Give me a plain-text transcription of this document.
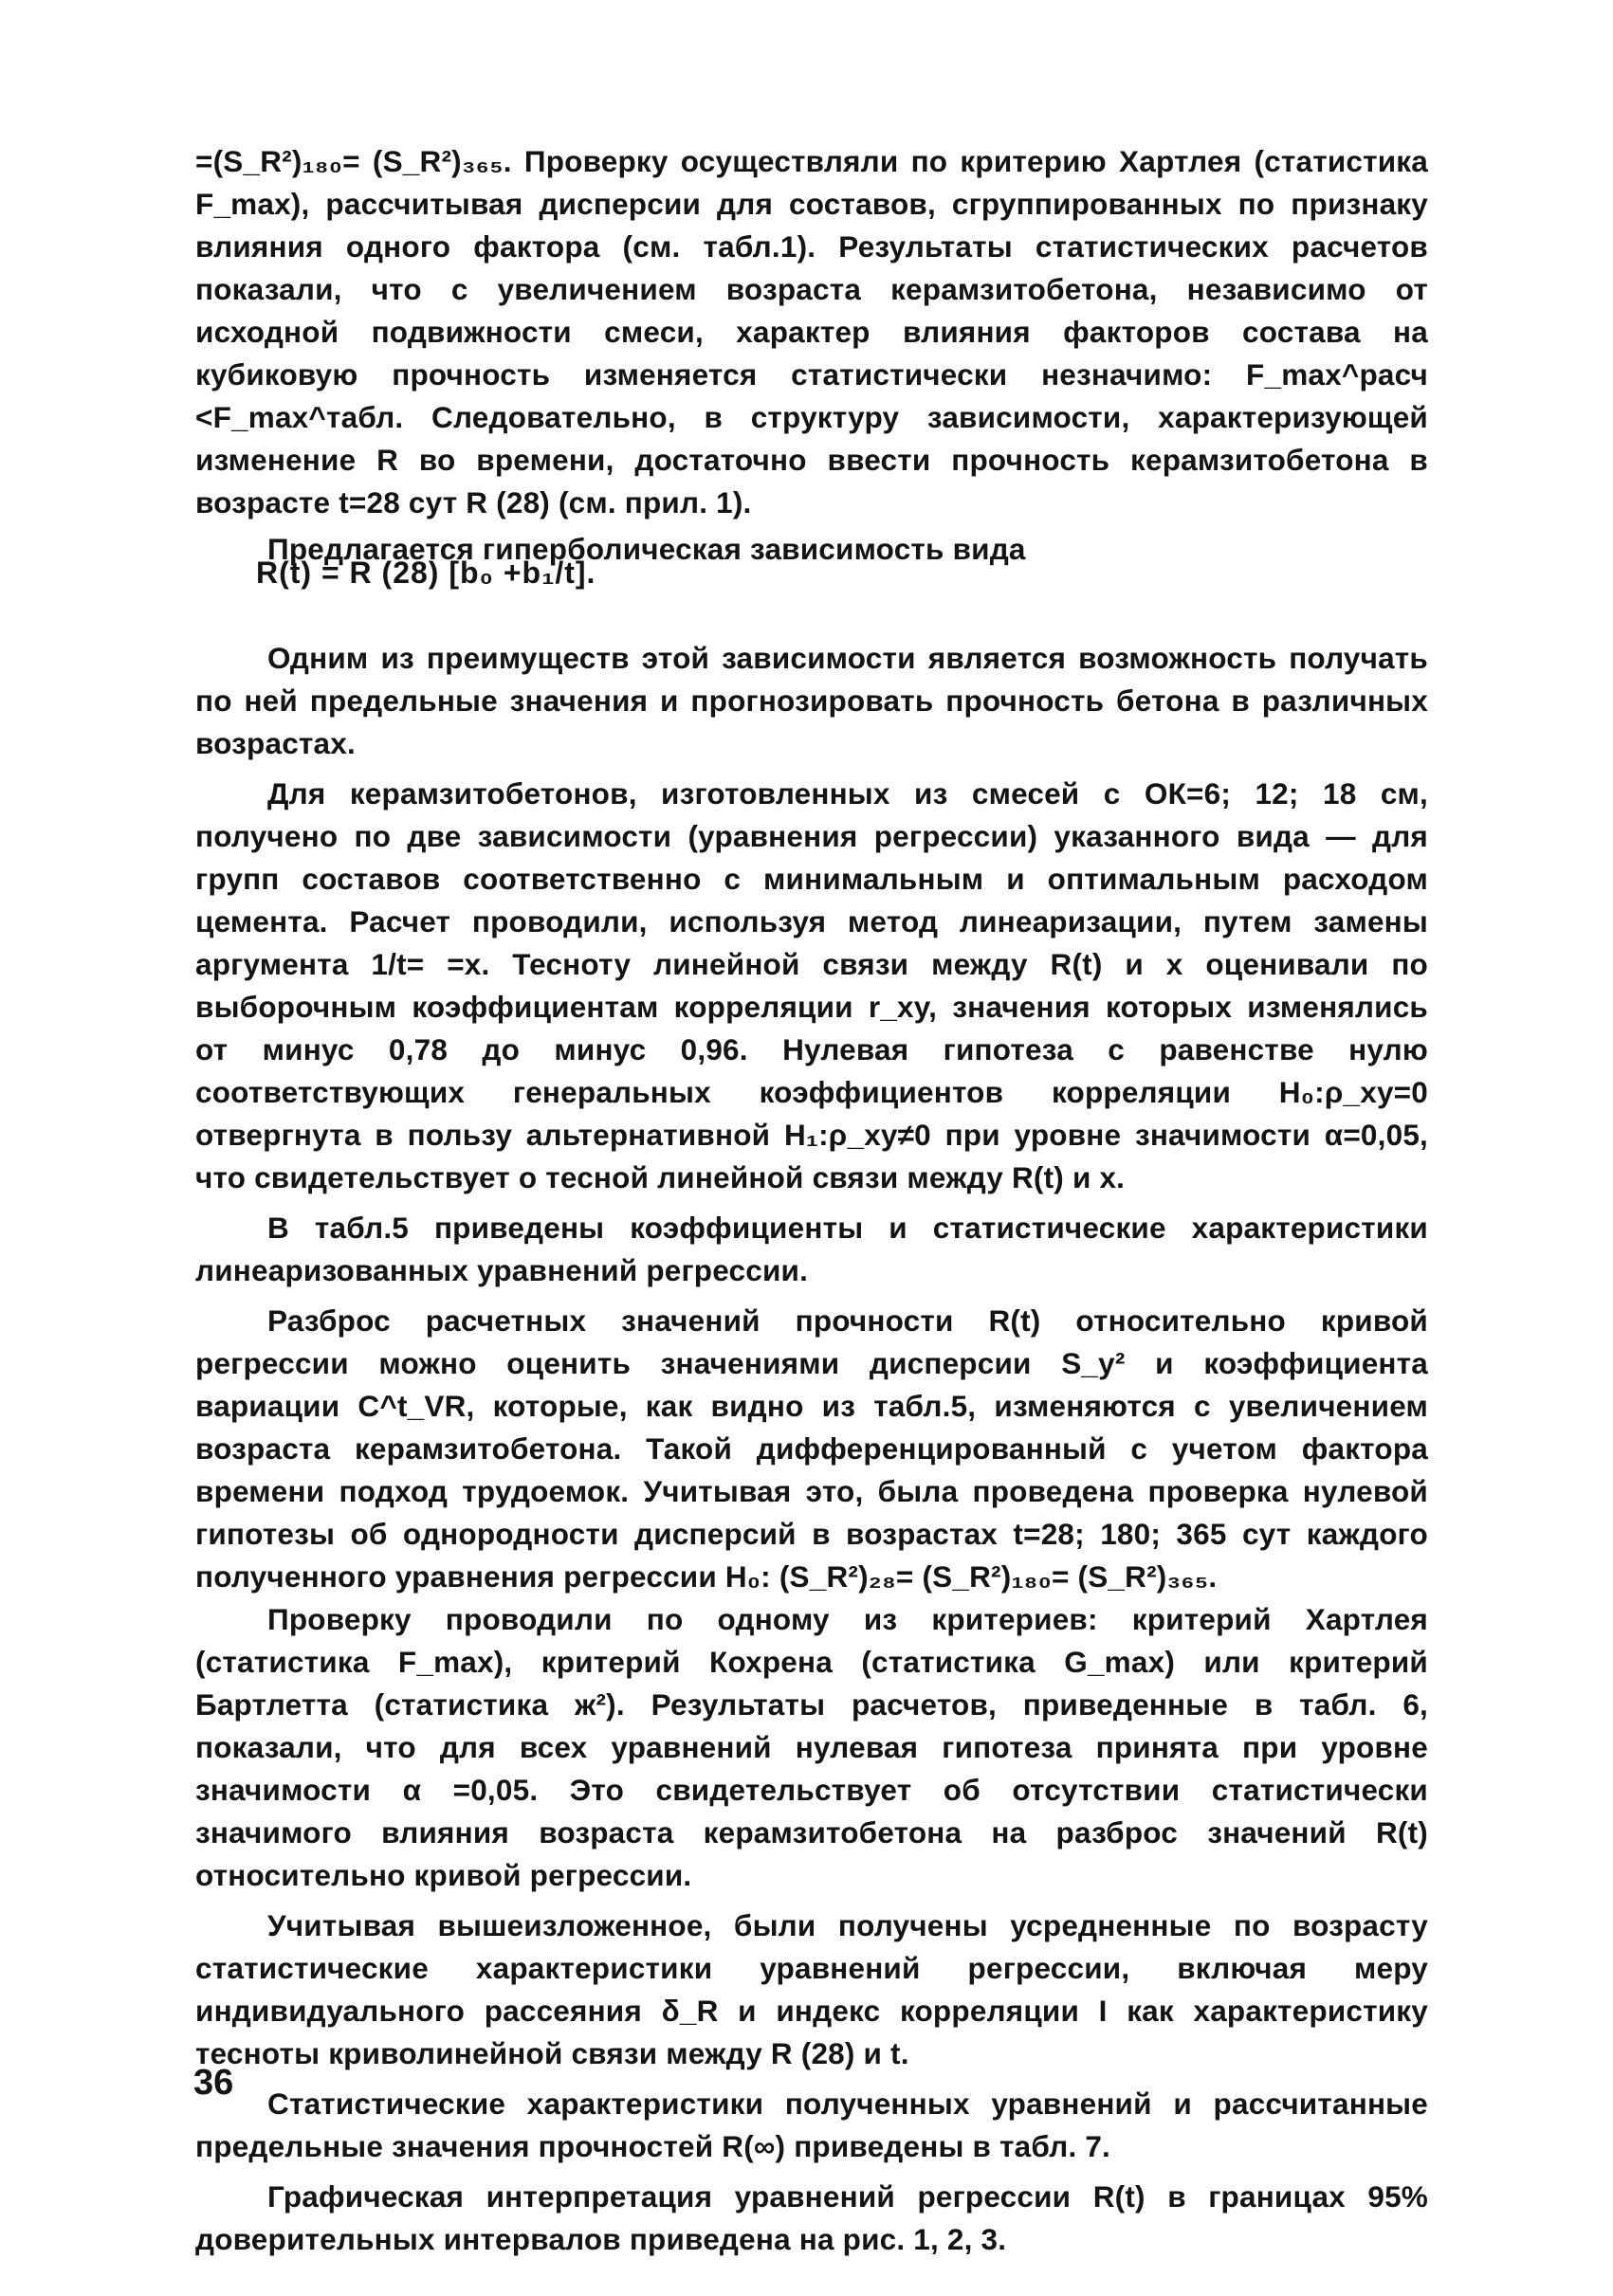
=(S_R²)₁₈₀= (S_R²)₃₆₅. Проверку осуществляли по критерию Хартлея (статистика F_max), рассчитывая дисперсии для составов, сгруппированных по признаку влияния одного фактора (см. табл.1). Результаты статистических расчетов показали, что с увеличением возраста керамзитобетона, независимо от исходной подвижности смеси, характер влияния факторов состава на кубиковую прочность изменяется статистически незначимо: F_max^расч <F_max^табл. Следовательно, в структуру зависимости, характеризующей изменение R во времени, достаточно ввести прочность керамзитобетона в возрасте t=28 сут R (28) (см. прил. 1).

Предлагается гиперболическая зависимость вида

R(t) = R (28) [b₀ +b₁/t].

Одним из преимуществ этой зависимости является возможность получать по ней предельные значения и прогнозировать прочность бетона в различных возрастах.

Для керамзитобетонов, изготовленных из смесей с ОК=6; 12; 18 см, получено по две зависимости (уравнения регрессии) указанного вида — для групп составов соответственно с минимальным и оптимальным расходом цемента. Расчет проводили, используя метод линеаризации, путем замены аргумента 1/t= =x. Тесноту линейной связи между R(t) и x оценивали по выборочным коэффициентам корреляции r_xy, значения которых изменялись от минус 0,78 до минус 0,96. Нулевая гипотеза с равенстве нулю соответствующих генеральных коэффициентов корреляции H₀:ρ_xy=0 отвергнута в пользу альтернативной H₁:ρ_xy≠0 при уровне значимости α=0,05, что свидетельствует о тесной линейной связи между R(t) и x.

В табл.5 приведены коэффициенты и статистические характеристики линеаризованных уравнений регрессии.

Разброс расчетных значений прочности R(t) относительно кривой регрессии можно оценить значениями дисперсии S_y² и коэффициента вариации C^t_VR, которые, как видно из табл.5, изменяются с увеличением возраста керамзитобетона. Такой дифференцированный с учетом фактора времени подход трудоемок. Учитывая это, была проведена проверка нулевой гипотезы об однородности дисперсий в возрастах t=28; 180; 365 сут каждого полученного уравнения регрессии H₀: (S_R²)₂₈= (S_R²)₁₈₀= (S_R²)₃₆₅.

Проверку проводили по одному из критериев: критерий Хартлея (статистика F_max), критерий Кохрена (статистика G_max) или критерий Бартлетта (статистика ж²). Результаты расчетов, приведенные в табл. 6, показали, что для всех уравнений нулевая гипотеза принята при уровне значимости α =0,05. Это свидетельствует об отсутствии статистически значимого влияния возраста керамзитобетона на разброс значений R(t) относительно кривой регрессии.

Учитывая вышеизложенное, были получены усредненные по возрасту статистические характеристики уравнений регрессии, включая меру индивидуального рассеяния δ_R и индекс корреляции I как характеристику тесноты криволинейной связи между R (28) и t.

Статистические характеристики полученных уравнений и рассчитанные предельные значения прочностей R(∞) приведены в табл. 7.

Графическая интерпретация уравнений регрессии R(t) в границах 95% доверительных интервалов приведена на рис. 1, 2, 3.

36
